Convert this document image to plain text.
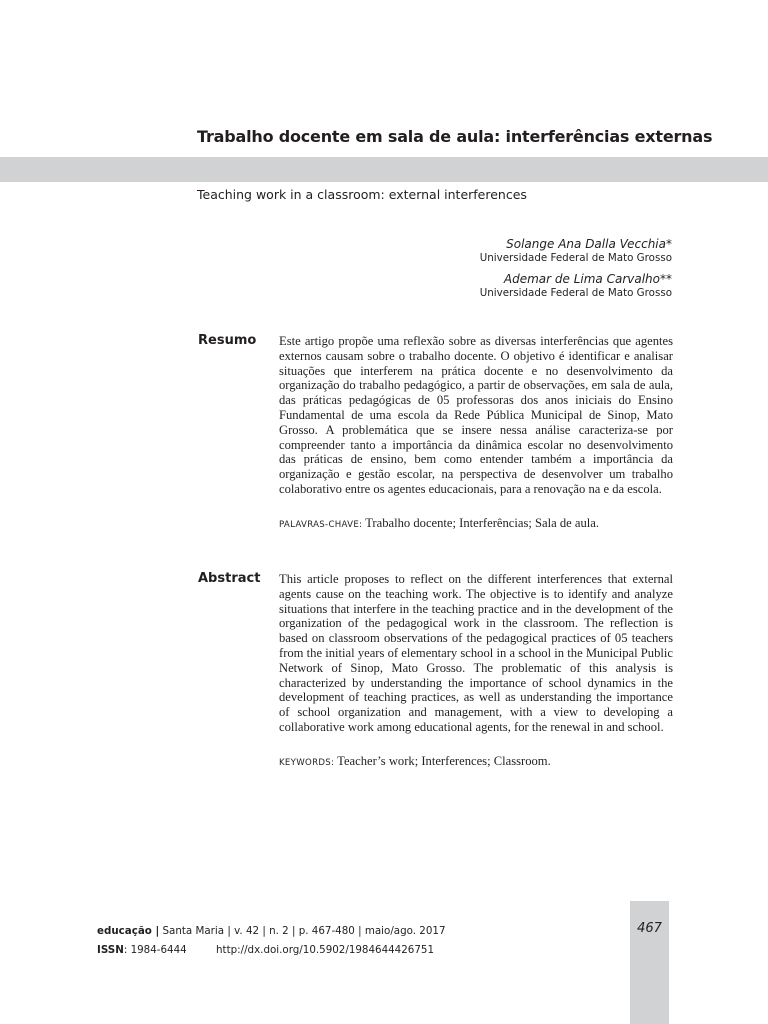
Trabalho docente em sala de aula: interferências externas
Teaching work in a classroom: external interferences
Solange Ana Dalla Vecchia*
Universidade Federal de Mato Grosso
Ademar de Lima Carvalho**
Universidade Federal de Mato Grosso
Resumo Este artigo propõe uma reflexão sobre as diversas interferências que agentes externos causam sobre o trabalho docente. O objetivo é identificar e analisar situações que interferem na prática docente e no desenvolvimento da organização do trabalho pedagógico, a partir de observações, em sala de aula, das práticas pedagógicas de 05 professoras dos anos iniciais do Ensino Fundamental de uma escola da Rede Pública Municipal de Sinop, Mato Grosso. A problemática que se insere nessa análise caracteriza-se por compreender tanto a importância da dinâmica escolar no desenvolvimento das práticas de ensino, bem como entender também a importância da organização e gestão escolar, na perspectiva de desenvolver um trabalho colaborativo entre os agentes educacionais, para a renovação na e da escola.
PALAVRAS-CHAVE: Trabalho docente; Interferências; Sala de aula.
Abstract This article proposes to reflect on the different interferences that external agents cause on the teaching work. The objective is to identify and analyze situations that interfere in the teaching practice and in the development of the organization of the pedagogical work in the classroom. The reflection is based on classroom observations of the pedagogical practices of 05 teachers from the initial years of elementary school in a school in the Municipal Public Network of Sinop, Mato Grosso. The problematic of this analysis is characterized by understanding the importance of school dynamics in the development of teaching practices, as well as understanding the importance of school organization and management, with a view to developing a collaborative work among educational agents, for the renewal in and school.
KEYWORDS: Teacher’s work; Interferences; Classroom.
educação | Santa Maria | v. 42 | n. 2 | p. 467-480 | maio/ago. 2017
ISSN: 1984-6444	http://dx.doi.org/10.5902/1984644426751
467
